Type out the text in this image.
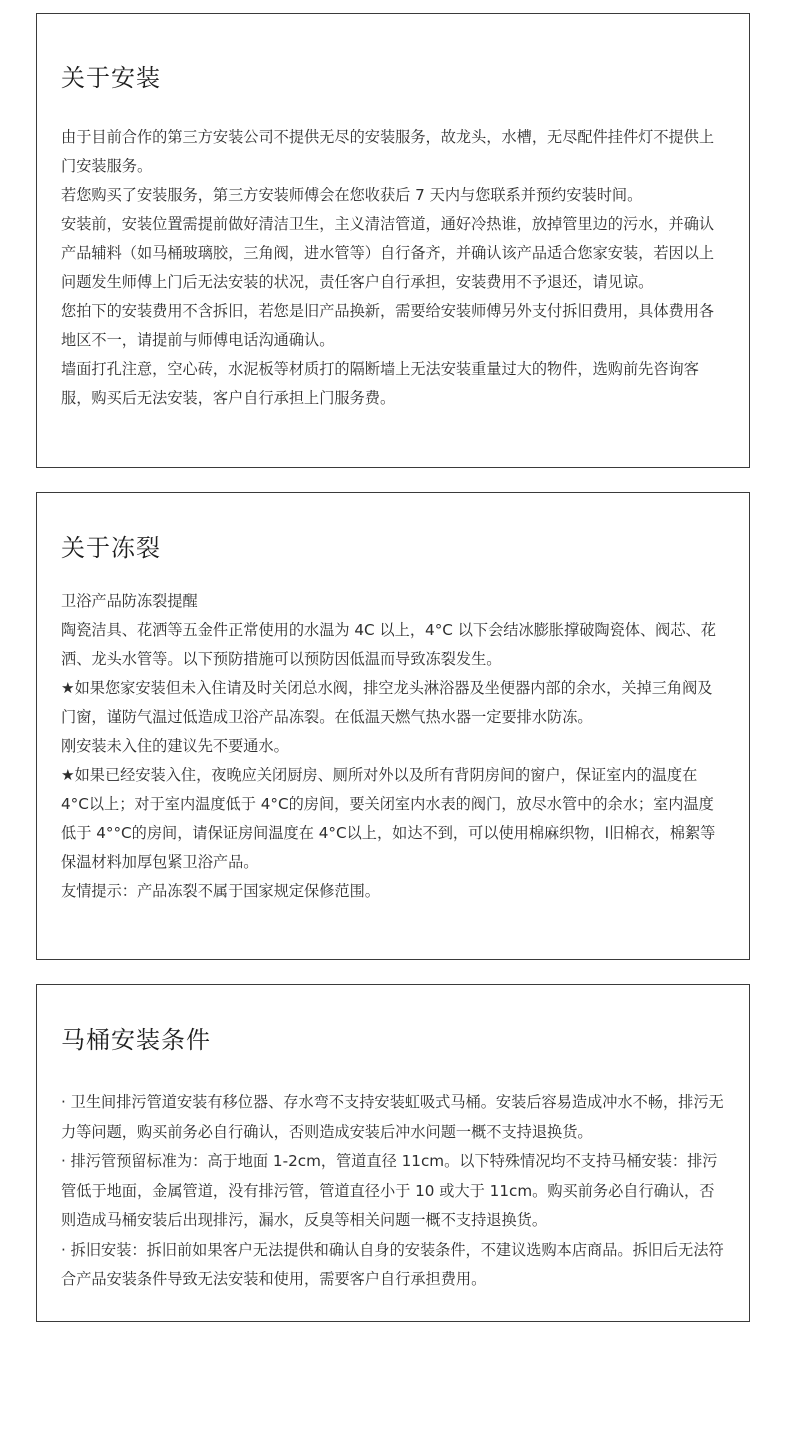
关于安装

由于目前合作的第三方安装公司不提供无尽的安装服务，故龙头，水槽，无尽配件挂件灯不提供上门安装服务。

若您购买了安装服务，第三方安装师傅会在您收获后 7 天内与您联系并预约安装时间。

安装前，安装位置需提前做好清洁卫生，主义清洁管道，通好冷热谁，放掉管里边的污水，并确认产品辅料（如马桶玻璃胶，三角阀，进水管等）自行备齐，并确认该产品适合您家安装，若因以上问题发生师傅上门后无法安装的状况，责任客户自行承担，安装费用不予退还，请见谅。

您拍下的安装费用不含拆旧，若您是旧产品换新，需要给安装师傅另外支付拆旧费用，具体费用各地区不一，请提前与师傅电话沟通确认。

墙面打孔注意，空心砖，水泥板等材质打的隔断墙上无法安装重量过大的物件，选购前先咨询客服，购买后无法安装，客户自行承担上门服务费。

关于冻裂

卫浴产品防冻裂提醒

陶瓷洁具、花洒等五金件正常使用的水温为 4C 以上，4°C 以下会结冰膨胀撑破陶瓷体、阀芯、花洒、龙头水管等。以下预防措施可以预防因低温而导致冻裂发生。

★如果您家安装但未入住请及时关闭总水阀，排空龙头淋浴器及坐便器内部的余水，关掉三角阀及门窗，谨防气温过低造成卫浴产品冻裂。在低温天燃气热水器一定要排水防冻。

刚安装未入住的建议先不要通水。

★如果已经安装入住，夜晚应关闭厨房、厕所对外以及所有背阴房间的窗户，保证室内的温度在 4°C以上；对于室内温度低于 4°C的房间，要关闭室内水表的阀门，放尽水管中的余水；室内温度低于 4°°C的房间，请保证房间温度在 4°C以上，如达不到，可以使用棉麻织物，l旧棉衣，棉絮等保温材料加厚包紧卫浴产品。

友情提示：产品冻裂不属于国家规定保修范围。

马桶安装条件

· 卫生间排污管道安装有移位器、存水弯不支持安装虹吸式马桶。安装后容易造成冲水不畅，排污无力等问题，购买前务必自行确认，否则造成安装后冲水问题一概不支持退换货。

· 排污管预留标准为：高于地面 1-2cm，管道直径 11cm。以下特殊情况均不支持马桶安装：排污管低于地面，金属管道，没有排污管，管道直径小于 10 或大于 11cm。购买前务必自行确认，否则造成马桶安装后出现排污，漏水，反臭等相关问题一概不支持退换货。

· 拆旧安装：拆旧前如果客户无法提供和确认自身的安装条件，不建议选购本店商品。拆旧后无法符合产品安装条件导致无法安装和使用，需要客户自行承担费用。
